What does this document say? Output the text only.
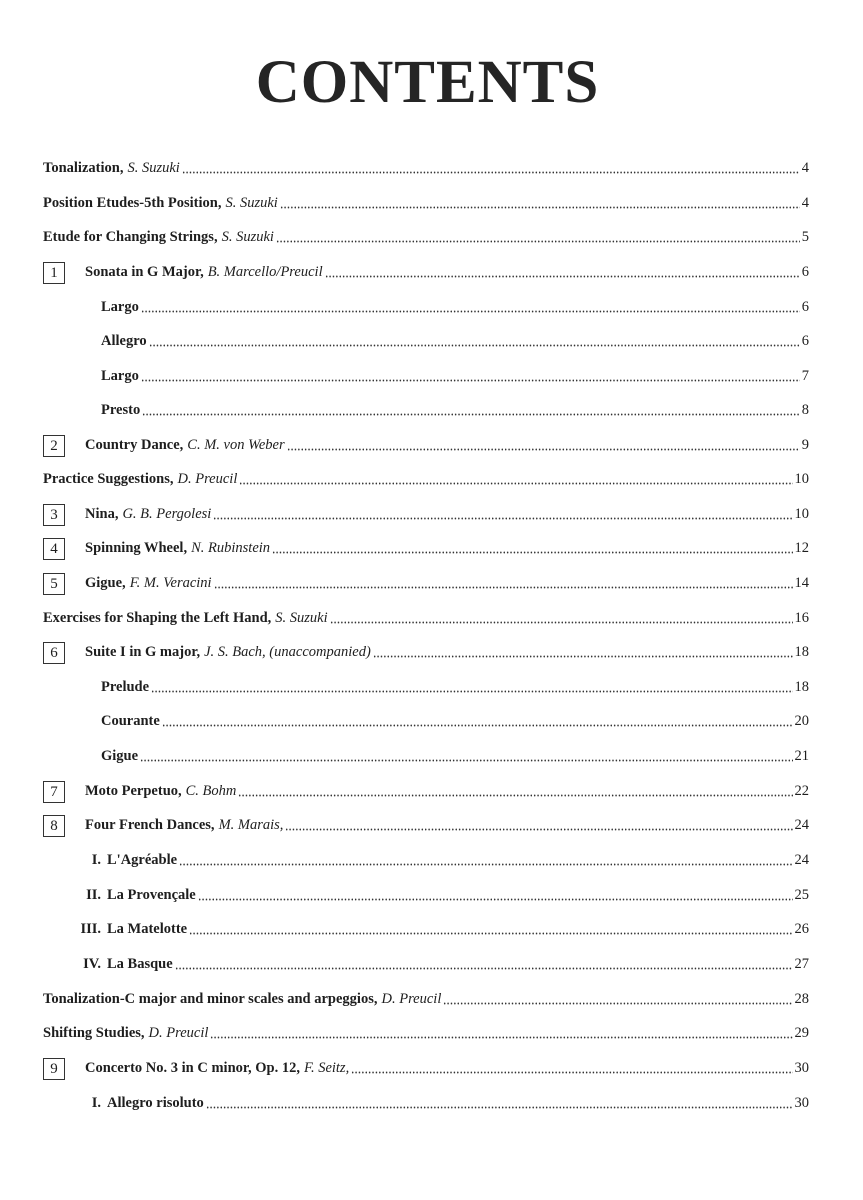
CONTENTS
Tonalization, S. Suzuki	4
Position Etudes-5th Position, S. Suzuki	4
Etude for Changing Strings, S. Suzuki	5
1	Sonata in G Major, B. Marcello/Preucil	6
Largo	6
Allegro	6
Largo	7
Presto	8
2	Country Dance, C. M. von Weber	9
Practice Suggestions, D. Preucil	10
3	Nina, G. B. Pergolesi	10
4	Spinning Wheel, N. Rubinstein	12
5	Gigue, F. M. Veracini	14
Exercises for Shaping the Left Hand, S. Suzuki	16
6	Suite I in G major, J. S. Bach, (unaccompanied)	18
Prelude	18
Courante	20
Gigue	21
7	Moto Perpetuo, C. Bohm	22
8	Four French Dances, M. Marais,	24
I. L'Agréable	24
II. La Provençale	25
III. La Matelotte	26
IV. La Basque	27
Tonalization-C major and minor scales and arpeggios, D. Preucil	28
Shifting Studies, D. Preucil	29
9	Concerto No. 3 in C minor, Op. 12, F. Seitz,	30
I. Allegro risoluto	30
